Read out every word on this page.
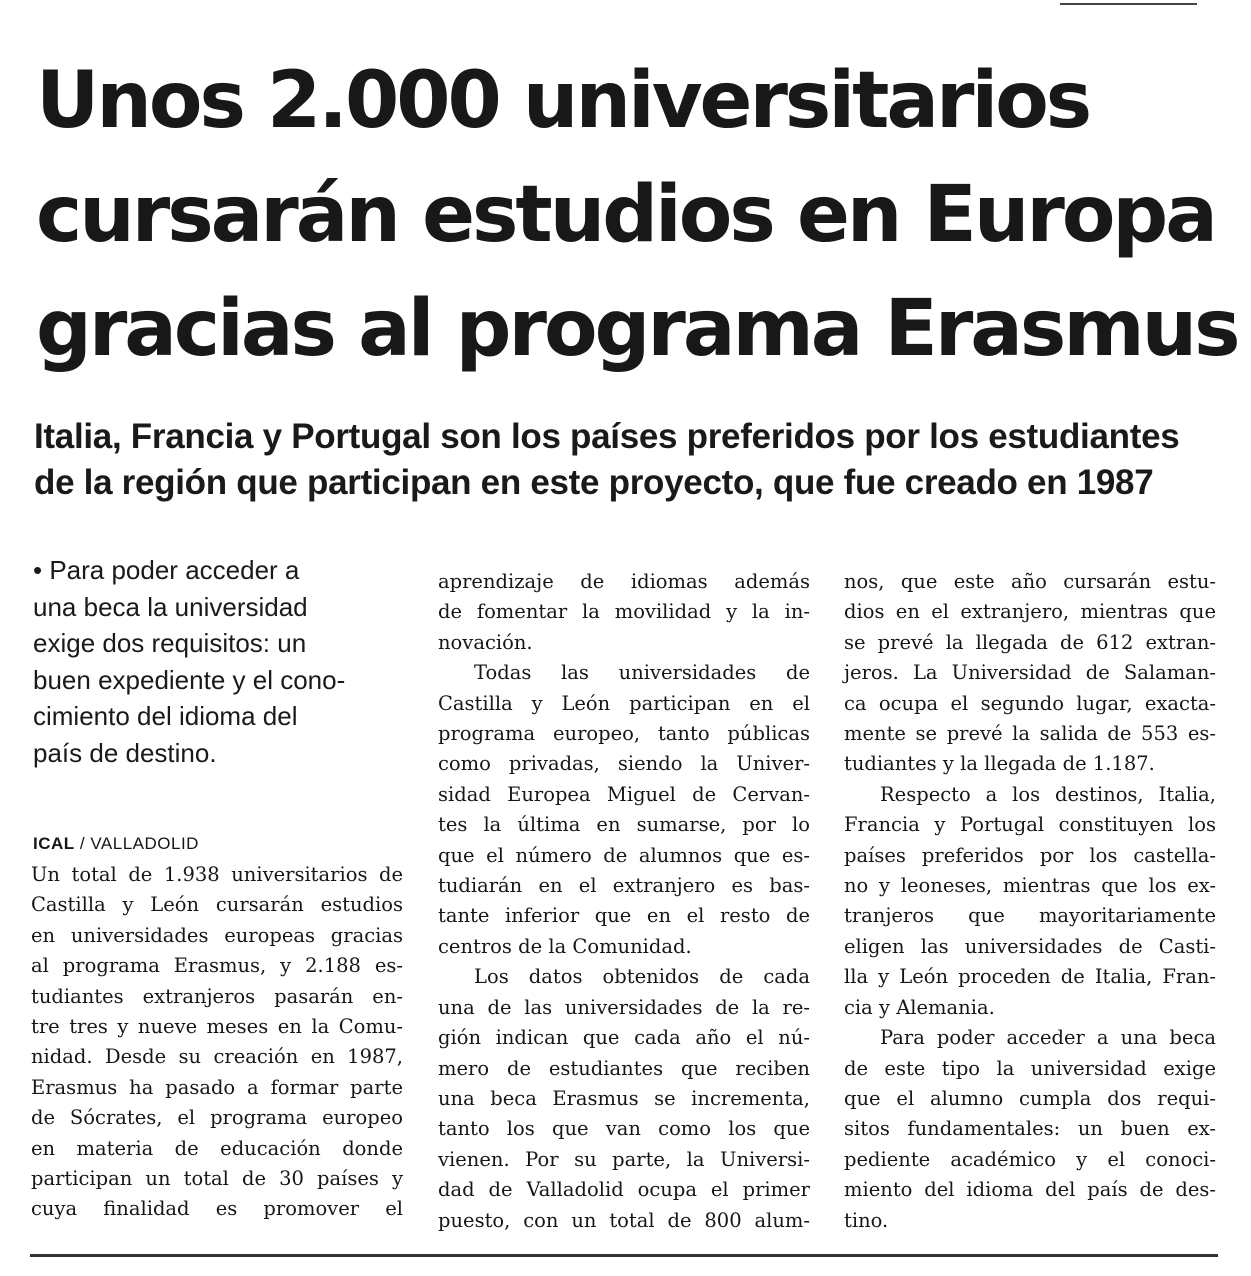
Unos 2.000 universitarios
cursarán estudios en Europa
gracias al programa Erasmus
Italia, Francia y Portugal son los países preferidos por los estudiantes
de la región que participan en este proyecto, que fue creado en 1987
• Para poder acceder a
una beca la universidad
exige dos requisitos: un
buen expediente y el cono-
cimiento del idioma del
país de destino.
ICAL / VALLADOLID
Un total de 1.938 universitarios de
Castilla y León cursarán estudios
en universidades europeas gracias
al programa Erasmus, y 2.188 es-
tudiantes extranjeros pasarán en-
tre tres y nueve meses en la Comu-
nidad. Desde su creación en 1987,
Erasmus ha pasado a formar parte
de Sócrates, el programa europeo
en materia de educación donde
participan un total de 30 países y
cuya finalidad es promover el
aprendizaje de idiomas además
de fomentar la movilidad y la in-
novación.
Todas las universidades de
Castilla y León participan en el
programa europeo, tanto públicas
como privadas, siendo la Univer-
sidad Europea Miguel de Cervan-
tes la última en sumarse, por lo
que el número de alumnos que es-
tudiarán en el extranjero es bas-
tante inferior que en el resto de
centros de la Comunidad.
Los datos obtenidos de cada
una de las universidades de la re-
gión indican que cada año el nú-
mero de estudiantes que reciben
una beca Erasmus se incrementa,
tanto los que van como los que
vienen. Por su parte, la Universi-
dad de Valladolid ocupa el primer
puesto, con un total de 800 alum-
nos, que este año cursarán estu-
dios en el extranjero, mientras que
se prevé la llegada de 612 extran-
jeros. La Universidad de Salaman-
ca ocupa el segundo lugar, exacta-
mente se prevé la salida de 553 es-
tudiantes y la llegada de 1.187.
Respecto a los destinos, Italia,
Francia y Portugal constituyen los
países preferidos por los castella-
no y leoneses, mientras que los ex-
tranjeros que mayoritariamente
eligen las universidades de Casti-
lla y León proceden de Italia, Fran-
cia y Alemania.
Para poder acceder a una beca
de este tipo la universidad exige
que el alumno cumpla dos requi-
sitos fundamentales: un buen ex-
pediente académico y el conoci-
miento del idioma del país de des-
tino.
